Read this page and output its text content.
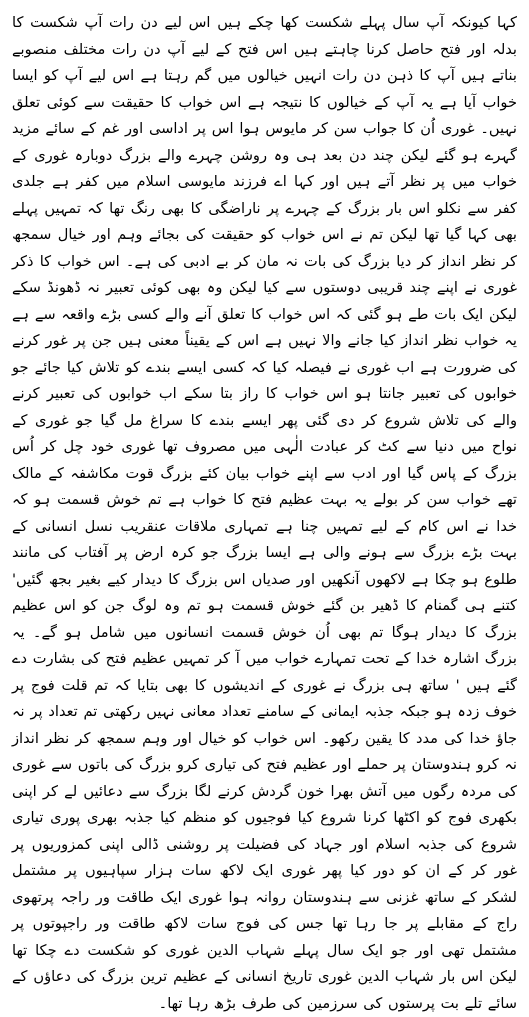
کہا کیونکہ آپ سال پہلے شکست کھا چکے ہیں اس لیے دن رات آپ شکست کا بدلہ اور فتح حاصل کرنا چاہتے ہیں اس فتح کے لیے آپ دن رات مختلف منصوبے بناتے ہیں آپ کا ذہن دن رات انہیں خیالوں میں گم رہتا ہے اس لیے آپ کو ایسا خواب آیا ہے یہ آپ کے خیالوں کا نتیجہ ہے اس خواب کا حقیقت سے کوئی تعلق نہیں۔ غوری اُن کا جواب سن کر مایوس ہوا اس پر اداسی اور غم کے سائے مزید گہرے ہو گئے لیکن چند دن بعد ہی وہ روشن چہرے والے بزرگ دوبارہ غوری کے خواب میں پر نظر آتے ہیں اور کہا اے فرزند مایوسی اسلام میں کفر ہے جلدی کفر سے نکلو اس بار بزرگ کے چہرے پر ناراضگی کا بھی رنگ تھا کہ تمہیں پہلے بھی کہا گیا تھا لیکن تم نے اس خواب کو حقیقت کی بجائے وہم اور خیال سمجھ کر نظر انداز کر دیا بزرگ کی بات نہ مان کر بے ادبی کی ہے۔ اس خواب کا ذکر غوری نے اپنے چند قریبی دوستوں سے کیا لیکن وہ بھی کوئی تعبیر نہ ڈھونڈ سکے لیکن ایک بات طے ہو گئی کہ اس خواب کا تعلق آنے والے کسی بڑے واقعہ سے ہے یہ خواب نظر انداز کیا جانے والا نہیں ہے اس کے یقیناً معنی ہیں جن پر غور کرنے کی ضرورت ہے اب غوری نے فیصلہ کیا کہ کسی ایسے بندے کو تلاش کیا جائے جو خوابوں کی تعبیر جانتا ہو اس خواب کا راز بتا سکے اب خوابوں کی تعبیر کرنے والے کی تلاش شروع کر دی گئی پھر ایسے بندے کا سراغ مل گیا جو غوری کے نواح میں دنیا سے کٹ کر عبادت الٰہی میں مصروف تھا غوری خود چل کر اُس بزرگ کے پاس گیا اور ادب سے اپنے خواب بیان کئے بزرگ قوت مکاشفہ کے مالک تھے خواب سن کر بولے یہ بہت عظیم فتح کا خواب ہے تم خوش قسمت ہو کہ خدا نے اس کام کے لیے تمہیں چنا ہے تمہاری ملاقات عنقریب نسل انسانی کے بہت بڑے بزرگ سے ہونے والی ہے ایسا بزرگ جو کرہ ارض پر آفتاب کی مانند طلوع ہو چکا ہے لاکھوں آنکھیں اور صدیاں اس بزرگ کا دیدار کیے بغیر بجھ گئیں' کتنے ہی گمنام کا ڈھیر بن گئے خوش قسمت ہو تم وہ لوگ جن کو اس عظیم بزرگ کا دیدار ہوگا تم بھی اُن خوش قسمت انسانوں میں شامل ہو گے۔ یہ بزرگ اشارہ خدا کے تحت تمہارے خواب میں آ کر تمہیں عظیم فتح کی بشارت دے گئے ہیں ' ساتھ ہی بزرگ نے غوری کے اندیشوں کا بھی بتایا کہ تم قلت فوج پر خوف زدہ ہو جبکہ جذبہ ایمانی کے سامنے تعداد معانی نہیں رکھتی تم تعداد پر نہ جاؤ خدا کی مدد کا یقین رکھو۔ اس خواب کو خیال اور وہم سمجھ کر نظر انداز نہ کرو ہندوستان پر حملے اور عظیم فتح کی تیاری کرو بزرگ کی باتوں سے غوری کی مردہ رگوں میں آتش بھرا خون گردش کرنے لگا بزرگ سے دعائیں لے کر اپنی بکھری فوج کو اکٹھا کرنا شروع کیا فوجیوں کو منظم کیا جذبہ بھری پوری تیاری شروع کی جذبہ اسلام اور جہاد کی فضیلت پر روشنی ڈالی اپنی کمزوریوں پر غور کر کے ان کو دور کیا پھر غوری ایک لاکھ سات ہزار سپاہیوں پر مشتمل لشکر کے ساتھ غزنی سے ہندوستان روانہ ہوا غوری ایک طاقت ور راجہ پرتھوی راج کے مقابلے پر جا رہا تھا جس کی فوج سات لاکھ طاقت ور راجپوتوں پر مشتمل تھی اور جو ایک سال پہلے شہاب الدین غوری کو شکست دے چکا تھا لیکن اس بار شہاب الدین غوری تاریخ انسانی کے عظیم ترین بزرگ کی دعاؤں کے سائے تلے بت پرستوں کی سرزمین کی طرف بڑھ رہا تھا۔
